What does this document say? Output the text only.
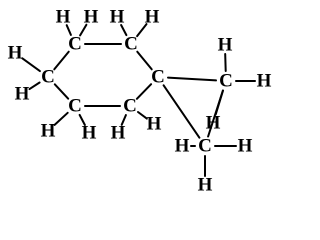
C C
C
C
C
C	C
C
H H H H
H
H
H H H H
H
H
H
H	H
H
